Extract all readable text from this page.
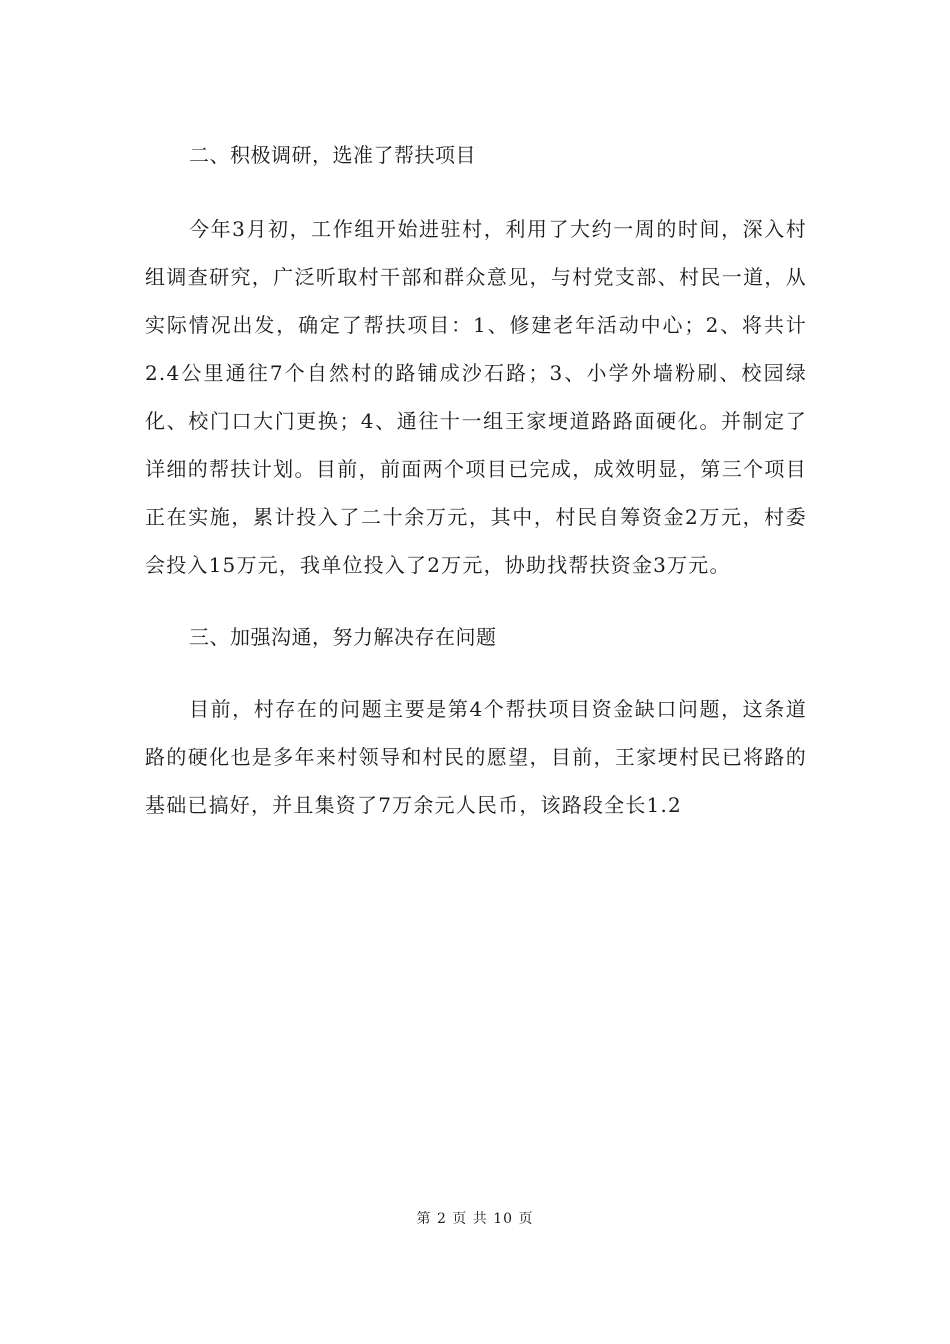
二、积极调研，选准了帮扶项目

今年3月初，工作组开始进驻村，利用了大约一周的时间，深入村组调查研究，广泛听取村干部和群众意见，与村党支部、村民一道，从实际情况出发，确定了帮扶项目：1、修建老年活动中心；2、将共计2.4公里通往7个自然村的路铺成沙石路；3、小学外墙粉刷、校园绿化、校门口大门更换；4、通往十一组王家埂道路路面硬化。并制定了详细的帮扶计划。目前，前面两个项目已完成，成效明显，第三个项目正在实施，累计投入了二十余万元，其中，村民自筹资金2万元，村委会投入15万元，我单位投入了2万元，协助找帮扶资金3万元。

三、加强沟通，努力解决存在问题

目前，村存在的问题主要是第4个帮扶项目资金缺口问题，这条道路的硬化也是多年来村领导和村民的愿望，目前，王家埂村民已将路的基础已搞好，并且集资了7万余元人民币，该路段全长1.2

第 2 页 共 10 页
